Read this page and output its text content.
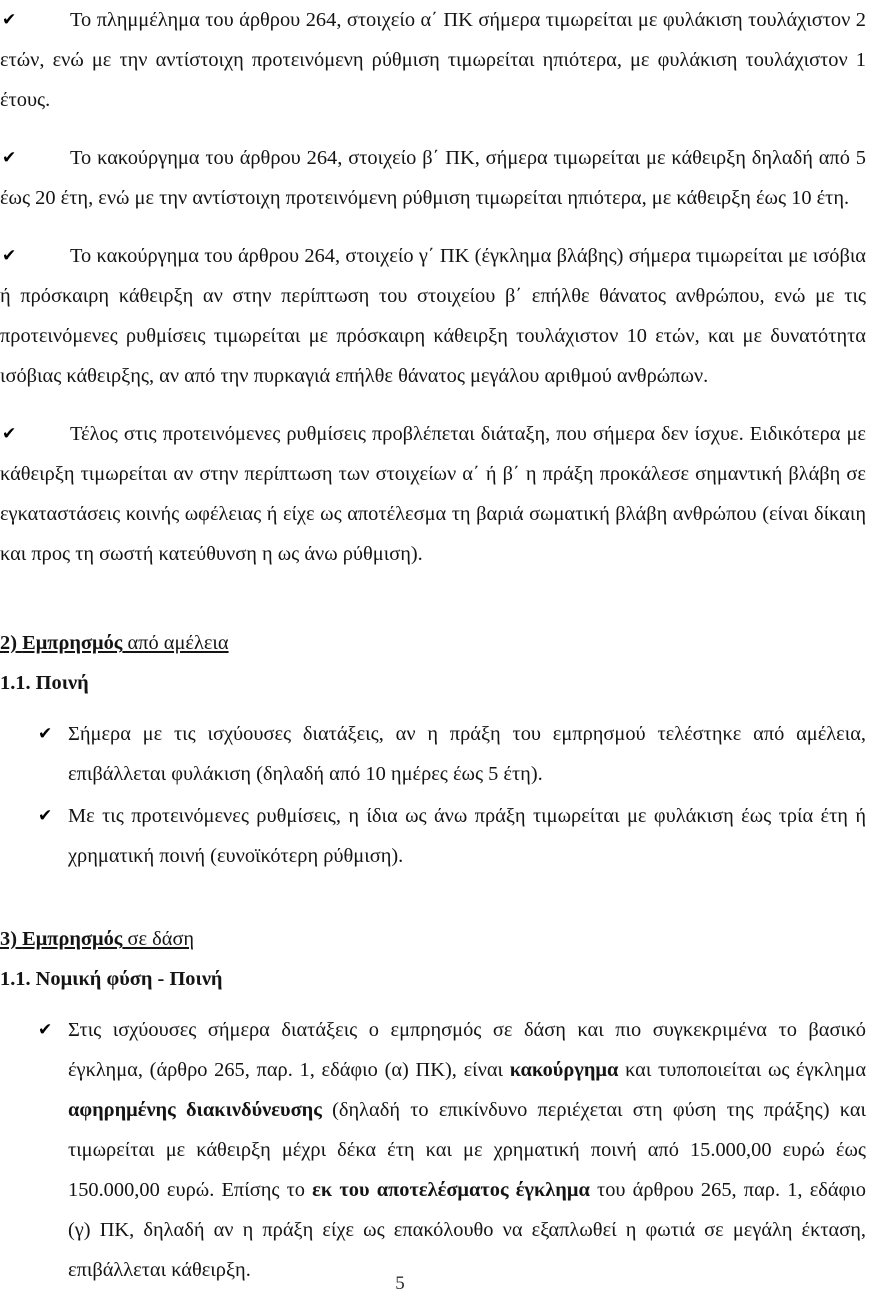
✔	Το πλημμέλημα του άρθρου 264, στοιχείο α΄ ΠΚ σήμερα τιμωρείται με φυλάκιση τουλάχιστον 2 ετών, ενώ με την αντίστοιχη προτεινόμενη ρύθμιση τιμωρείται ηπιότερα, με φυλάκιση τουλάχιστον 1 έτους.

✔	Το κακούργημα του άρθρου 264, στοιχείο β΄ ΠΚ, σήμερα τιμωρείται με κάθειρξη δηλαδή από 5 έως 20 έτη, ενώ με την αντίστοιχη προτεινόμενη ρύθμιση τιμωρείται ηπιότερα, με κάθειρξη έως 10 έτη.

✔	Το κακούργημα του άρθρου 264, στοιχείο γ΄ ΠΚ (έγκλημα βλάβης) σήμερα τιμωρείται με ισόβια ή πρόσκαιρη κάθειρξη αν στην περίπτωση του στοιχείου β΄ επήλθε θάνατος ανθρώπου, ενώ με τις προτεινόμενες ρυθμίσεις τιμωρείται με πρόσκαιρη κάθειρξη τουλάχιστον 10 ετών, και με δυνατότητα ισόβιας κάθειρξης, αν από την πυρκαγιά επήλθε θάνατος μεγάλου αριθμού ανθρώπων.

✔	Τέλος στις προτεινόμενες ρυθμίσεις προβλέπεται διάταξη, που σήμερα δεν ίσχυε. Ειδικότερα με κάθειρξη τιμωρείται αν στην περίπτωση των στοιχείων α΄ ή β΄ η πράξη προκάλεσε σημαντική βλάβη σε εγκαταστάσεις κοινής ωφέλειας ή είχε ως αποτέλεσμα τη βαριά σωματική βλάβη ανθρώπου (είναι δίκαιη και προς τη σωστή κατεύθυνση η ως άνω ρύθμιση).

2) Εμπρησμός από αμέλεια

1.1. Ποινή

✔ Σήμερα με τις ισχύουσες διατάξεις, αν η πράξη του εμπρησμού τελέστηκε από αμέλεια, επιβάλλεται φυλάκιση (δηλαδή από 10 ημέρες έως 5 έτη).

✔ Με τις προτεινόμενες ρυθμίσεις, η ίδια ως άνω πράξη τιμωρείται με φυλάκιση έως τρία έτη ή χρηματική ποινή (ευνοϊκότερη ρύθμιση).

3) Εμπρησμός σε δάση

1.1. Νομική φύση - Ποινή

✔ Στις ισχύουσες σήμερα διατάξεις ο εμπρησμός σε δάση και πιο συγκεκριμένα το βασικό έγκλημα, (άρθρο 265, παρ. 1, εδάφιο (α) ΠΚ), είναι κακούργημα και τυποποιείται ως έγκλημα αφηρημένης διακινδύνευσης (δηλαδή το επικίνδυνο περιέχεται στη φύση της πράξης) και τιμωρείται με κάθειρξη μέχρι δέκα έτη και με χρηματική ποινή από 15.000,00 ευρώ έως 150.000,00 ευρώ. Επίσης το εκ του αποτελέσματος έγκλημα του άρθρου 265, παρ. 1, εδάφιο (γ) ΠΚ, δηλαδή αν η πράξη είχε ως επακόλουθο να εξαπλωθεί η φωτιά σε μεγάλη έκταση, επιβάλλεται κάθειρξη.

5
